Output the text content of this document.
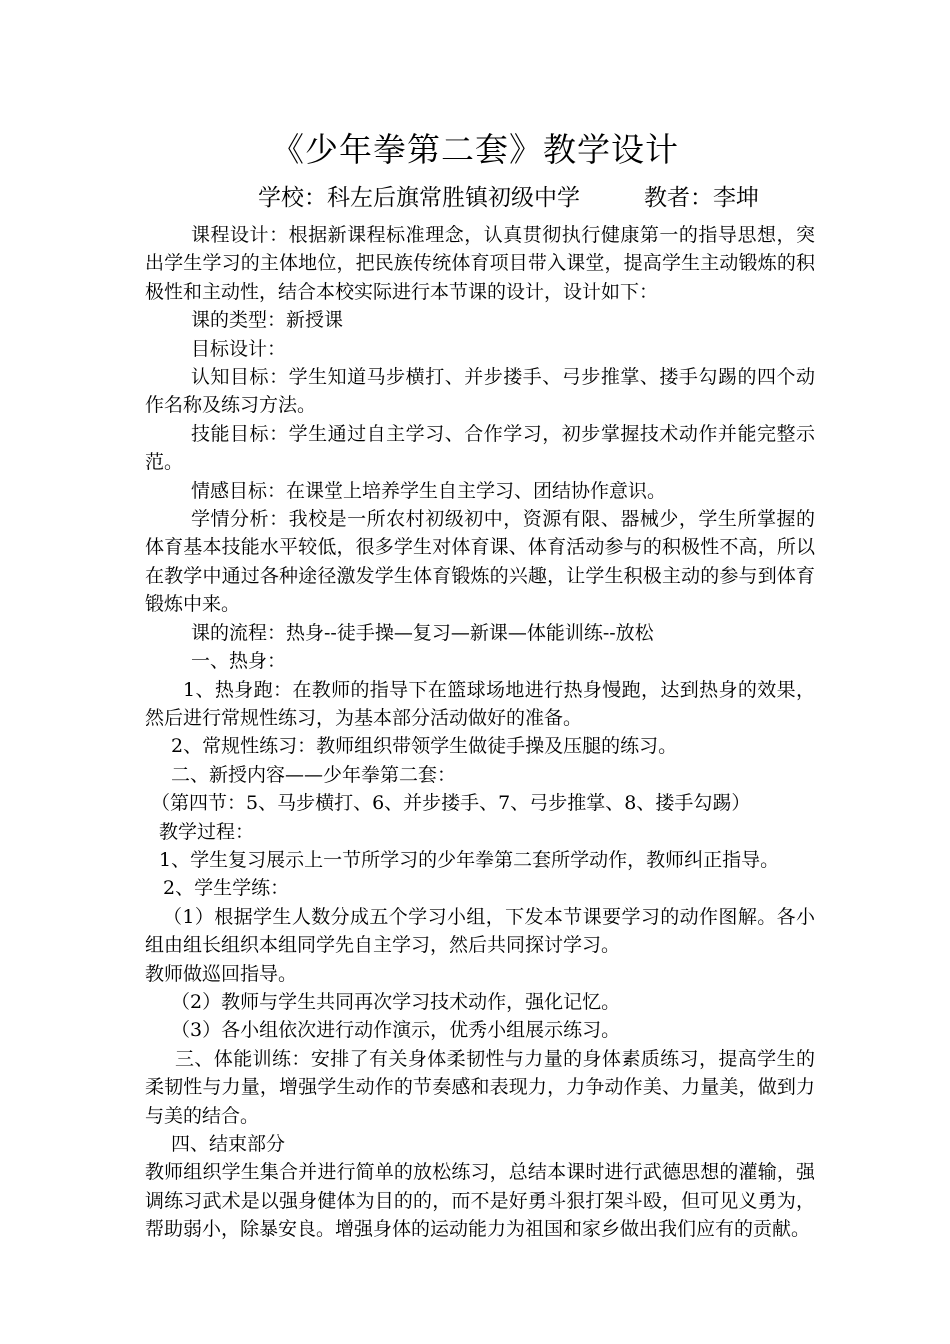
《少年拳第二套》教学设计
学校：科左后旗常胜镇初级中学	教者：李坤

课程设计：根据新课程标准理念，认真贯彻执行健康第一的指导思想，突出学生学习的主体地位，把民族传统体育项目带入课堂，提高学生主动锻炼的积极性和主动性，结合本校实际进行本节课的设计，设计如下：

课的类型：新授课

目标设计：

认知目标：学生知道马步横打、并步搂手、弓步推掌、搂手勾踢的四个动作名称及练习方法。

技能目标：学生通过自主学习、合作学习，初步掌握技术动作并能完整示范。

情感目标：在课堂上培养学生自主学习、团结协作意识。

学情分析：我校是一所农村初级初中，资源有限、器械少，学生所掌握的体育基本技能水平较低，很多学生对体育课、体育活动参与的积极性不高，所以在教学中通过各种途径激发学生体育锻炼的兴趣，让学生积极主动的参与到体育锻炼中来。

课的流程：热身--徒手操—复习—新课—体能训练--放松

一、热身：

1、热身跑：在教师的指导下在篮球场地进行热身慢跑，达到热身的效果，然后进行常规性练习，为基本部分活动做好的准备。

2、常规性练习：教师组织带领学生做徒手操及压腿的练习。

二、新授内容——少年拳第二套：

（第四节：5、马步横打、6、并步搂手、7、弓步推掌、8、搂手勾踢）

教学过程：

1、学生复习展示上一节所学习的少年拳第二套所学动作，教师纠正指导。

2、学生学练：

（1）根据学生人数分成五个学习小组，下发本节课要学习的动作图解。各小组由组长组织本组同学先自主学习，然后共同探讨学习。

教师做巡回指导。

（2）教师与学生共同再次学习技术动作，强化记忆。

（3）各小组依次进行动作演示，优秀小组展示练习。

三、体能训练：安排了有关身体柔韧性与力量的身体素质练习，提高学生的柔韧性与力量，增强学生动作的节奏感和表现力，力争动作美、力量美，做到力与美的结合。

四、结束部分

教师组织学生集合并进行简单的放松练习，总结本课时进行武德思想的灌输，强调练习武术是以强身健体为目的的，而不是好勇斗狠打架斗殴，但可见义勇为，帮助弱小，除暴安良。增强身体的运动能力为祖国和家乡做出我们应有的贡献。
